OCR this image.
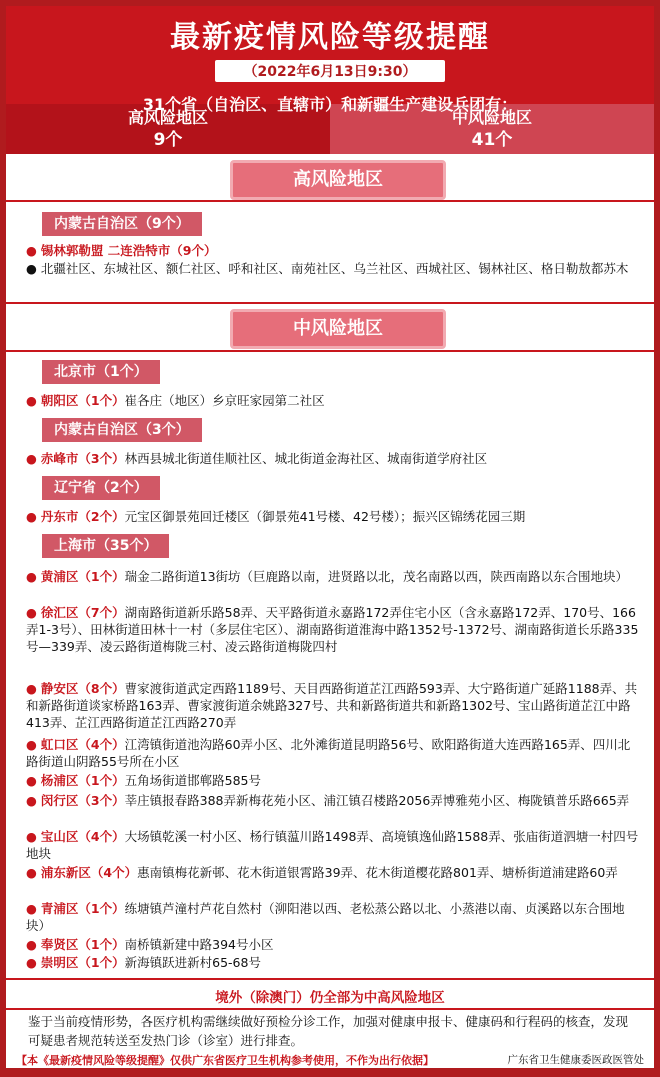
最新疫情风险等级提醒
（2022年6月13日9:30）
31个省（自治区、直辖市）和新疆生产建设兵团有：
高风险地区
9个
中风险地区
41个
高风险地区
内蒙古自治区（9个）
● 锡林郭勒盟 二连浩特市（9个）
● 北疆社区、东城社区、额仁社区、呼和社区、南苑社区、乌兰社区、西城社区、锡林社区、格日勒敖都苏木
中风险地区
北京市（1个）
● 朝阳区（1个）崔各庄（地区）乡京旺家园第二社区
内蒙古自治区（3个）
● 赤峰市（3个）林西县城北街道佳顺社区、城北街道金海社区、城南街道学府社区
辽宁省（2个）
● 丹东市（2个）元宝区御景苑回迁楼区（御景苑41号楼、42号楼）；振兴区锦绣花园三期
上海市（35个）
● 黄浦区（1个）瑞金二路街道13街坊（巨鹿路以南，进贤路以北，茂名南路以西，陕西南路以东合围地块）
● 徐汇区（7个）湖南路街道新乐路58弄、天平路街道永嘉路172弄住宅小区（含永嘉路172弄、170号、166弄1-3号）、田林街道田林十一村（多层住宅区）、湖南路街道淮海中路1352号-1372号、湖南路街道长乐路335号—339弄、凌云路街道梅陇三村、凌云路街道梅陇四村
● 静安区（8个）曹家渡街道武定西路1189号、天目西路街道芷江西路593弄、大宁路街道广延路1188弄、共和新路街道谈家桥路163弄、曹家渡街道余姚路327号、共和新路街道共和新路1302号、宝山路街道芷江中路413弄、芷江西路街道芷江西路270弄
● 虹口区（4个）江湾镇街道池沟路60弄小区、北外滩街道昆明路56号、欧阳路街道大连西路165弄、四川北路街道山阴路55号所在小区
● 杨浦区（1个）五角场街道邯郸路585号
● 闵行区（3个）莘庄镇报春路388弄新梅花苑小区、浦江镇召楼路2056弄博雅苑小区、梅陇镇普乐路665弄
● 宝山区（4个）大场镇乾溪一村小区、杨行镇蕰川路1498弄、高境镇逸仙路1588弄、张庙街道泗塘一村四号地块
● 浦东新区（4个）惠南镇梅花新邨、花木街道银霄路39弄、花木街道樱花路801弄、塘桥街道浦建路60弄
● 青浦区（1个）练塘镇芦潼村芦花自然村（泖阳港以西、老松蒸公路以北、小蒸港以南、贞溪路以东合围地块）
● 奉贤区（1个）南桥镇新建中路394号小区
● 崇明区（1个）新海镇跃进新村65-68号
境外（除澳门）仍全部为中高风险地区
鉴于当前疫情形势，各医疗机构需继续做好预检分诊工作，加强对健康申报卡、健康码和行程码的核查，发现可疑患者规范转送至发热门诊（诊室）进行排查。
【本《最新疫情风险等级提醒》仅供广东省医疗卫生机构参考使用，不作为出行依据】	广东省卫生健康委医政医管处
